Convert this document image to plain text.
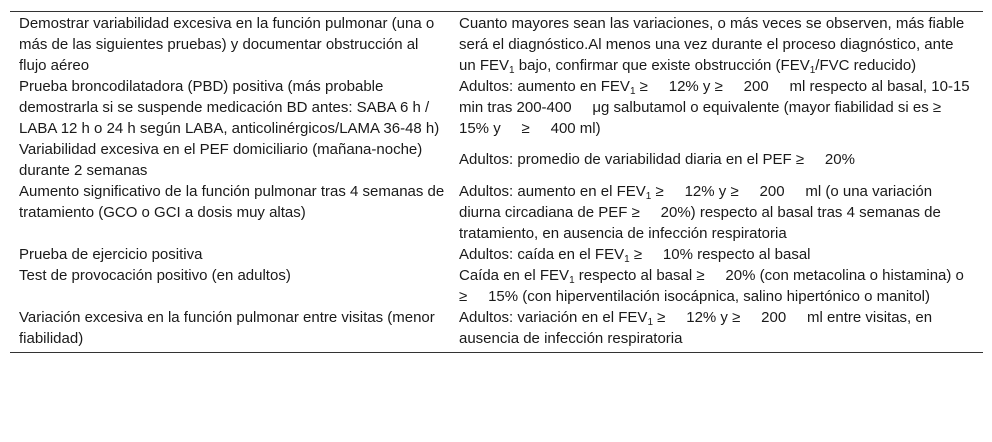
Demostrar variabilidad excesiva en la función pulmonar (una o más de las siguientes pruebas) y documentar obstrucción al flujo aéreo
Cuanto mayores sean las variaciones, o más veces se observen, más fiable será el diagnóstico.Al menos una vez durante el proceso diagnóstico, ante un $FEV_1$ bajo, confirmar que existe obstrucción ($FEV_1$/FVC reducido)
Prueba broncodilatadora (PBD) positiva (más probable demostrarla si se suspende medicación BD antes: SABA 6 h / LABA 12 h o 24 h según LABA, anticolinérgicos/LAMA 36-48 h)
Adultos: aumento en $FEV_1$ ≥     12% y ≥     200     ml respecto al basal, 10-15     min tras 200-400     μg salbutamol o equivalente (mayor fiabilidad si es ≥     15% y     ≥     400 ml)
Variabilidad excesiva en el PEF domiciliario (mañana-noche) durante 2 semanas
Adultos: promedio de variabilidad diaria en el PEF ≥     20%
Aumento significativo de la función pulmonar tras 4 semanas de tratamiento (GCO o GCI a dosis muy altas)
Adultos: aumento en el $FEV_1$ ≥     12% y ≥     200     ml (o una variación diurna circadiana de PEF ≥     20%) respecto al basal tras 4 semanas de tratamiento, en ausencia de infección respiratoria
Prueba de ejercicio positiva	Adultos: caída en el $FEV_1$ ≥     10% respecto al basal
Test de provocación positivo (en adultos)	Caída en el $FEV_1$ respecto al basal ≥     20% (con metacolina o histamina) o ≥     15% (con hiperventilación isocápnica, salino hipertónico o manitol)
Variación excesiva en la función pulmonar entre visitas (menor fiabilidad)
Adultos: variación en el $FEV_1$ ≥     12% y ≥     200     ml entre visitas, en ausencia de infección respiratoria
